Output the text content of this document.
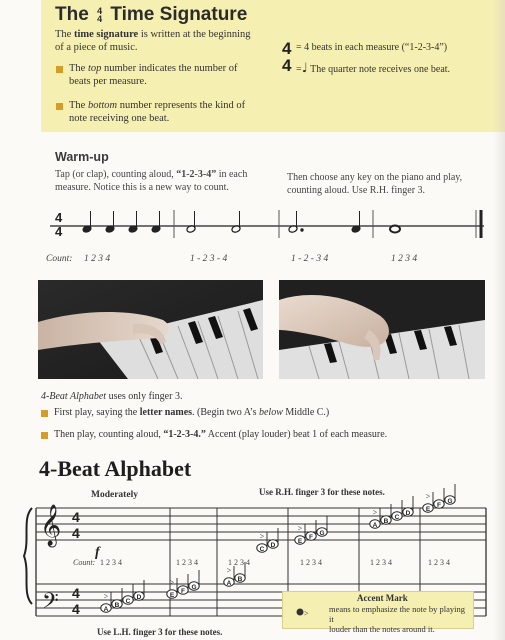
The 4
4 Time Signature
The time signature is written at the beginning
of a piece of music.
The top number indicates the number of
beats per measure.
The bottom number represents the kind of
note receiving one beat.
4
4
= 4 beats in each measure (“1-2-3-4”)
=♩ The quarter note receives one beat.
Warm-up
Tap (or clap), counting aloud, “1-2-3-4” in each
measure. Notice this is a new way to count.
Then choose any key on the piano and play,
counting aloud. Use R.H. finger 3.
4
4
Count: 1 2 3 4	1 - 2 3 - 4	1 - 2 - 3 4	1 2 3 4
4-Beat Alphabet uses only finger 3.
First play, saying the letter names. (Begin two A’s below Middle C.)
Then play, counting aloud, “1-2-3-4.” Accent (play louder) beat 1 of each measure.
4-Beat Alphabet
Moderately	Use R.H. finger 3 for these notes.
𝄞
𝄢
4
4
4
4
f
Count: 1 2 3 4	1 2 3 4	1 2 3 4	1 2 3 4	1 2 3 4	1 2 3 4
A
>
B
C
D	E
>
F
G
A
>
B
C
>
D
E
>
F
G
A
>
B
C
D
E
>
F
G
Use L.H. finger 3 for these notes.
>
Accent Mark
means to emphasize the note by playing it
louder than the notes around it.
